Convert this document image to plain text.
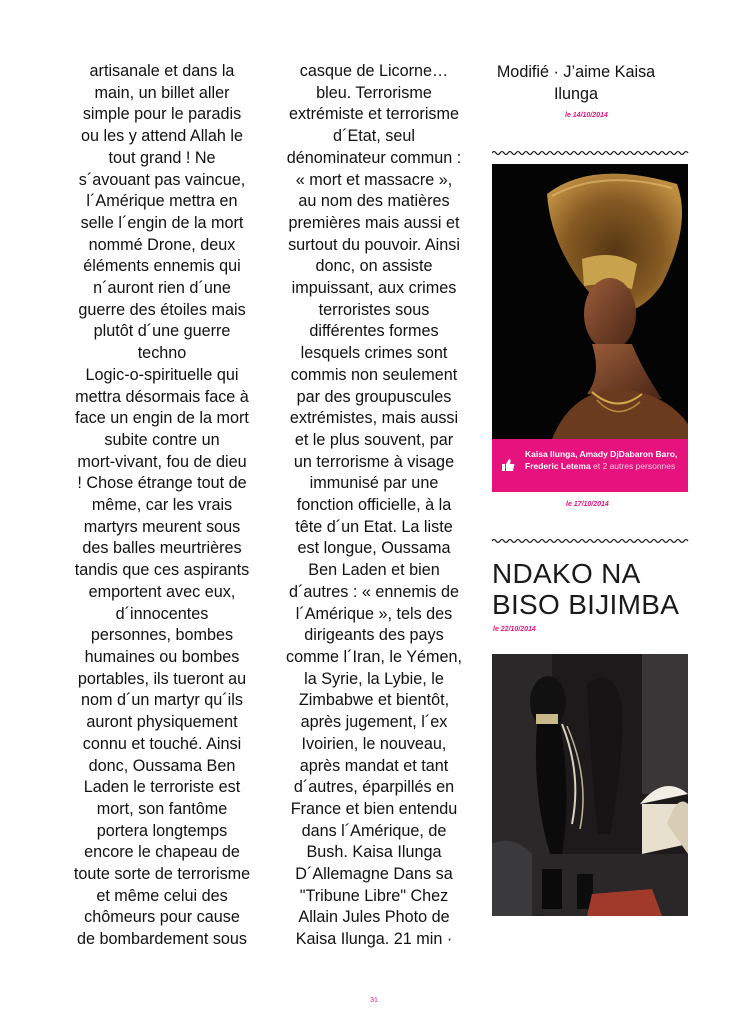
artisanale et dans la

main, un billet aller

simple pour le paradis

ou les y attend Allah le

tout grand ! Ne

s´avouant pas vaincue,

l´Amérique mettra en

selle l´engin de la mort

nommé Drone, deux

éléments ennemis qui

n´auront rien d´une

guerre des étoiles mais

plutôt d´une guerre

techno

Logic-o-spirituelle qui

mettra désormais face à

face un engin de la mort

subite contre un

mort-vivant, fou de dieu

! Chose étrange tout de

même, car les vrais

martyrs meurent sous

des balles meurtrières

tandis que ces aspirants

emportent avec eux,

d´innocentes

personnes, bombes

humaines ou bombes

portables, ils tueront au

nom d´un martyr qu´ils

auront physiquement

connu et touché. Ainsi

donc, Oussama Ben

Laden le terroriste est

mort, son fantôme

portera longtemps

encore le chapeau de

toute sorte de terrorisme

et même celui des

chômeurs pour cause

de bombardement sous

casque de Licorne…

bleu. Terrorisme

extrémiste et terrorisme

d´Etat, seul

dénominateur commun :

« mort et massacre »,

au nom des matières

premières mais aussi et

surtout du pouvoir. Ainsi

donc, on assiste

impuissant, aux crimes

terroristes sous

différentes formes

lesquels crimes sont

commis non seulement

par des groupuscules

extrémistes, mais aussi

et le plus souvent, par

un terrorisme à visage

immunisé par une

fonction officielle, à la

tête d´un Etat. La liste

est longue, Oussama

Ben Laden et bien

d´autres : « ennemis de

l´Amérique », tels des

dirigeants des pays

comme l´Iran, le Yémen,

la Syrie, la Lybie, le

Zimbabwe et bientôt,

après jugement, l´ex

Ivoirien, le nouveau,

après mandat et tant

d´autres, éparpillés en

France et bien entendu

dans l´Amérique, de

Bush. Kaisa Ilunga

D´Allemagne Dans sa

"Tribune Libre" Chez

Allain Jules Photo de

Kaisa Ilunga. 21 min ·

Modifié · J’aime Kaisa
Ilunga
le 14/10/2014
Kaisa Ilunga, Amady DjDabaron Baro, Frederic Letema et 2 autres personnes
le 17/10/2014
NDAKO NA
BISO BIJIMBA
le 22/10/2014
31
